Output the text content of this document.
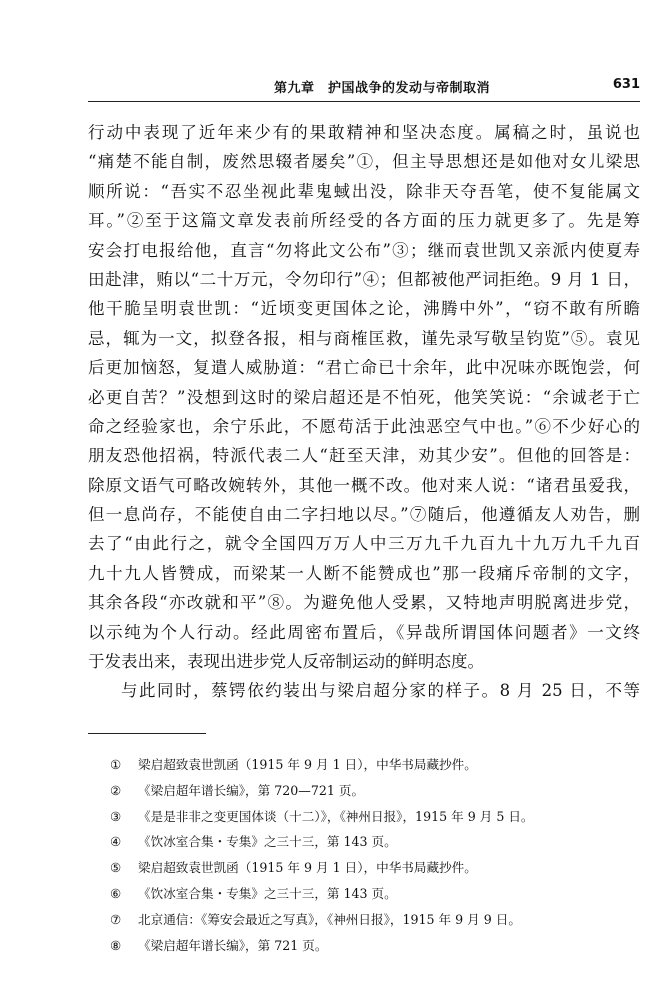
第九章　护国战争的发动与帝制取消	631
行动中表现了近年来少有的果敢精神和坚决态度。属稿之时，虽说也
“痛楚不能自制，废然思辍者屡矣”①，但主导思想还是如他对女儿梁思
顺所说：“吾实不忍坐视此辈鬼蜮出没，除非天夺吾笔，使不复能属文
耳。”②至于这篇文章发表前所经受的各方面的压力就更多了。先是筹
安会打电报给他，直言“勿将此文公布”③；继而袁世凯又亲派内使夏寿
田赴津，贿以“二十万元，令勿印行”④；但都被他严词拒绝。9 月 1 日，
他干脆呈明袁世凯：“近顷变更国体之论，沸腾中外”，“窃不敢有所瞻
忌，辄为一文，拟登各报，相与商榷匡救，谨先录写敬呈钧览”⑤。袁见
后更加恼怒，复遣人威胁道：“君亡命已十余年，此中况味亦既饱尝，何
必更自苦？”没想到这时的梁启超还是不怕死，他笑笑说：“余诚老于亡
命之经验家也，余宁乐此，不愿苟活于此浊恶空气中也。”⑥不少好心的
朋友恐他招祸，特派代表二人“赶至天津，劝其少安”。但他的回答是：
除原文语气可略改婉转外，其他一概不改。他对来人说：“诸君虽爱我，
但一息尚存，不能使自由二字扫地以尽。”⑦随后，他遵循友人劝告，删
去了“由此行之，就令全国四万万人中三万九千九百九十九万九千九百
九十九人皆赞成，而梁某一人断不能赞成也”那一段痛斥帝制的文字，
其余各段“亦改就和平”⑧。为避免他人受累，又特地声明脱离进步党，
以示纯为个人行动。经此周密布置后，《异哉所谓国体问题者》一文终
于发表出来，表现出进步党人反帝制运动的鲜明态度。
与此同时，蔡锷依约装出与梁启超分家的样子。8 月 25 日，不等
① 梁启超致袁世凯函（1915 年 9 月 1 日），中华书局藏抄件。
② 《梁启超年谱长编》，第 720—721 页。
③ 《是是非非之变更国体谈（十二）》，《神州日报》，1915 年 9 月 5 日。
④ 《饮冰室合集・专集》之三十三，第 143 页。
⑤ 梁启超致袁世凯函（1915 年 9 月 1 日），中华书局藏抄件。
⑥ 《饮冰室合集・专集》之三十三，第 143 页。
⑦ 北京通信：《筹安会最近之写真》，《神州日报》，1915 年 9 月 9 日。
⑧ 《梁启超年谱长编》，第 721 页。
